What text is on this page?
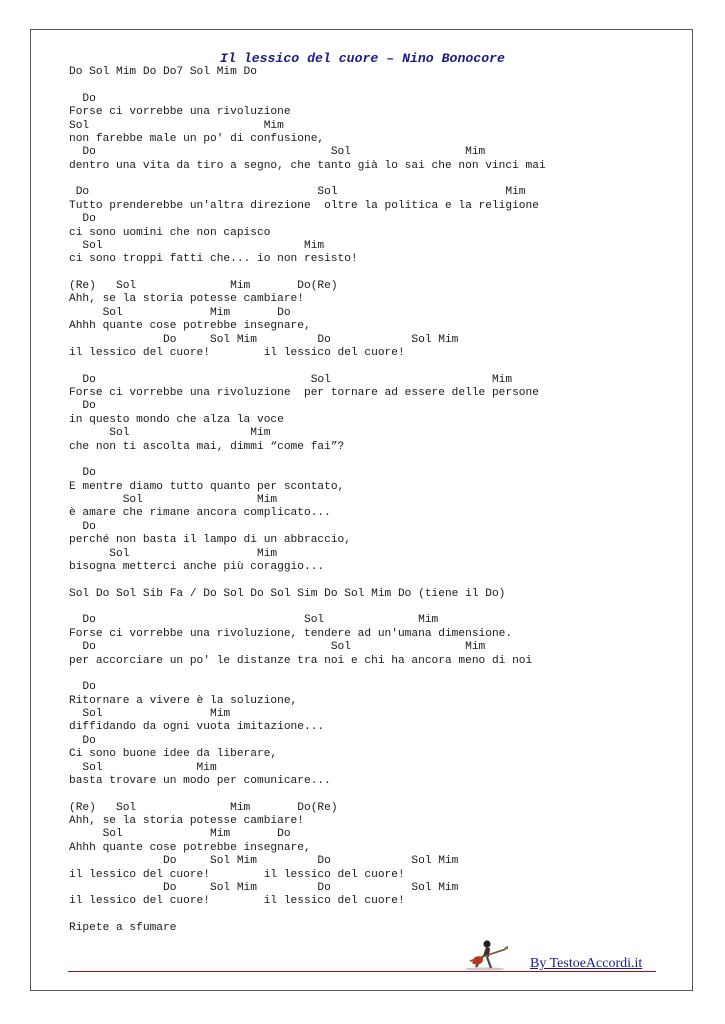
Il lessico del cuore – Nino Bonocore
Do Sol Mim Do Do7 Sol Mim Do
Do
Forse ci vorrebbe una rivoluzione
Sol                          Mim
non farebbe male un po' di confusione,
Do                                   Sol                 Mim
dentro una vita da tiro a segno, che tanto già lo sai che non vinci mai
Do                                  Sol                         Mim
Tutto prenderebbe un'altra direzione  oltre la politica e la religione
Do
ci sono uomini che non capisco
Sol                              Mim
ci sono troppi fatti che... io non resisto!
(Re)   Sol              Mim       Do(Re)
Ahh, se la storia potesse cambiare!
Sol             Mim       Do
Ahhh quante cose potrebbe insegnare,
Do     Sol Mim         Do            Sol Mim
il lessico del cuore!        il lessico del cuore!
Do                                Sol                        Mim
Forse ci vorrebbe una rivoluzione  per tornare ad essere delle persone
Do
in questo mondo che alza la voce
Sol                  Mim
che non ti ascolta mai, dimmi “come fai”?
Do
E mentre diamo tutto quanto per scontato,
Sol                 Mim
è amare che rimane ancora complicato...
Do
perché non basta il lampo di un abbraccio,
Sol                   Mim
bisogna metterci anche più coraggio...
Sol Do Sol Sib Fa / Do Sol Do Sol Sim Do Sol Mim Do (tiene il Do)
Do                               Sol              Mim
Forse ci vorrebbe una rivoluzione, tendere ad un'umana dimensione.
Do                                   Sol                 Mim
per accorciare un po' le distanze tra noi e chi ha ancora meno di noi
Do
Ritornare a vivere è la soluzione,
Sol                Mim
diffidando da ogni vuota imitazione...
Do
Ci sono buone idee da liberare,
Sol              Mim
basta trovare un modo per comunicare...
(Re)   Sol              Mim       Do(Re)
Ahh, se la storia potesse cambiare!
Sol             Mim       Do
Ahhh quante cose potrebbe insegnare,
Do     Sol Mim         Do            Sol Mim
il lessico del cuore!        il lessico del cuore!
Do     Sol Mim         Do            Sol Mim
il lessico del cuore!        il lessico del cuore!
Ripete a sfumare
By TestoeAccordi.it
